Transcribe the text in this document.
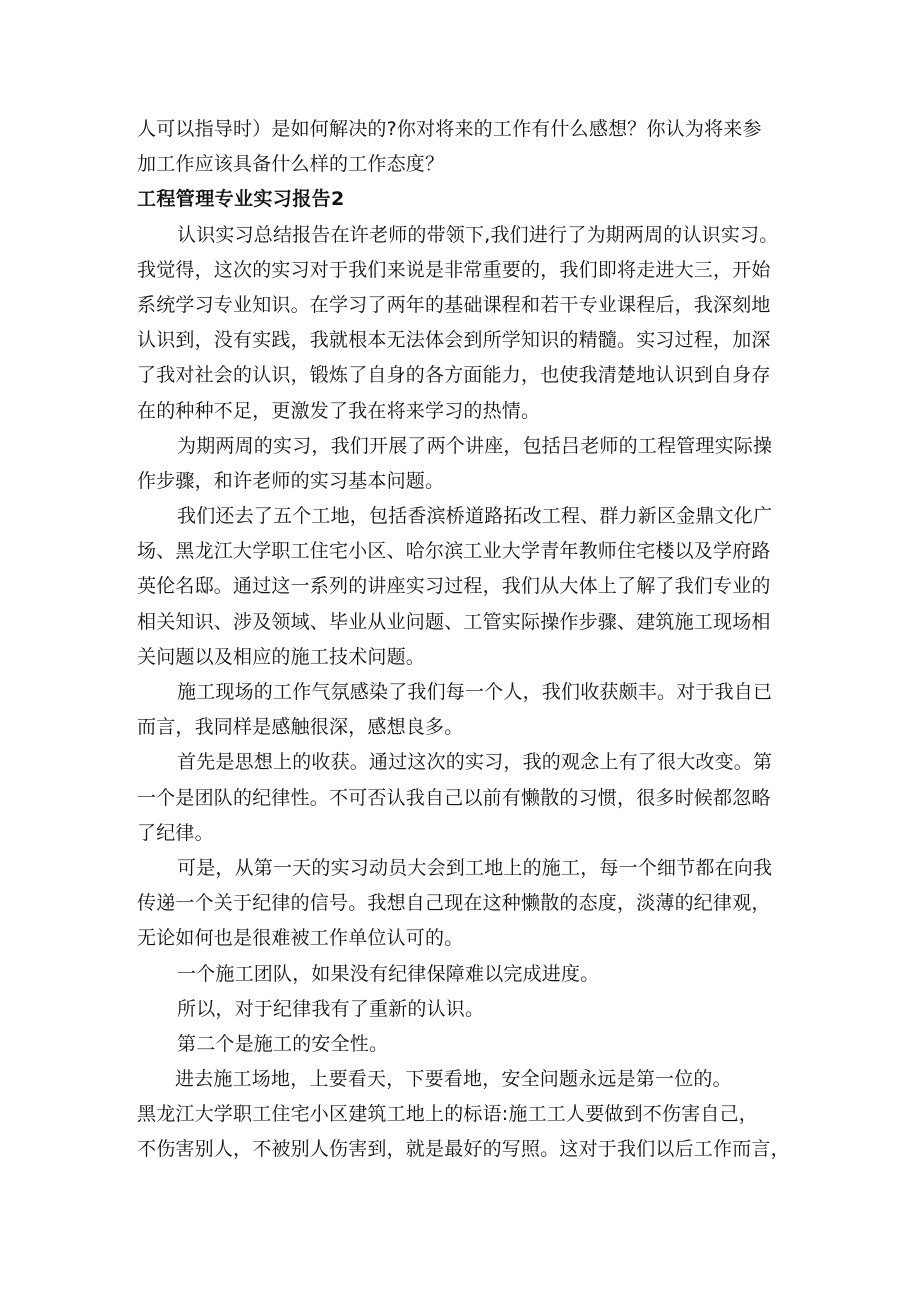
人可以指导时）是如何解决的?你对将来的工作有什么感想？你认为将来参
加工作应该具备什么样的工作态度？
工程管理专业实习报告2
认识实习总结报告在许老师的带领下,我们进行了为期两周的认识实习。
我觉得，这次的实习对于我们来说是非常重要的，我们即将走进大三，开始
系统学习专业知识。在学习了两年的基础课程和若干专业课程后，我深刻地
认识到，没有实践，我就根本无法体会到所学知识的精髓。实习过程，加深
了我对社会的认识，锻炼了自身的各方面能力，也使我清楚地认识到自身存
在的种种不足，更激发了我在将来学习的热情。
为期两周的实习，我们开展了两个讲座，包括吕老师的工程管理实际操
作步骤，和许老师的实习基本问题。
我们还去了五个工地，包括香滨桥道路拓改工程、群力新区金鼎文化广
场、黑龙江大学职工住宅小区、哈尔滨工业大学青年教师住宅楼以及学府路
英伦名邸。通过这一系列的讲座实习过程，我们从大体上了解了我们专业的
相关知识、涉及领域、毕业从业问题、工管实际操作步骤、建筑施工现场相
关问题以及相应的施工技术问题。
施工现场的工作气氛感染了我们每一个人，我们收获颇丰。对于我自已
而言，我同样是感触很深，感想良多。
首先是思想上的收获。通过这次的实习，我的观念上有了很大改变。第
一个是团队的纪律性。不可否认我自己以前有懒散的习惯，很多时候都忽略
了纪律。
可是，从第一天的实习动员大会到工地上的施工，每一个细节都在向我
传递一个关于纪律的信号。我想自己现在这种懒散的态度，淡薄的纪律观，
无论如何也是很难被工作单位认可的。
一个施工团队，如果没有纪律保障难以完成进度。
所以，对于纪律我有了重新的认识。
第二个是施工的安全性。
进去施工场地，上要看天，下要看地，安全问题永远是第一位的。
黑龙江大学职工住宅小区建筑工地上的标语:施工工人要做到不伤害自己，
不伤害别人，不被别人伤害到，就是最好的写照。这对于我们以后工作而言，
